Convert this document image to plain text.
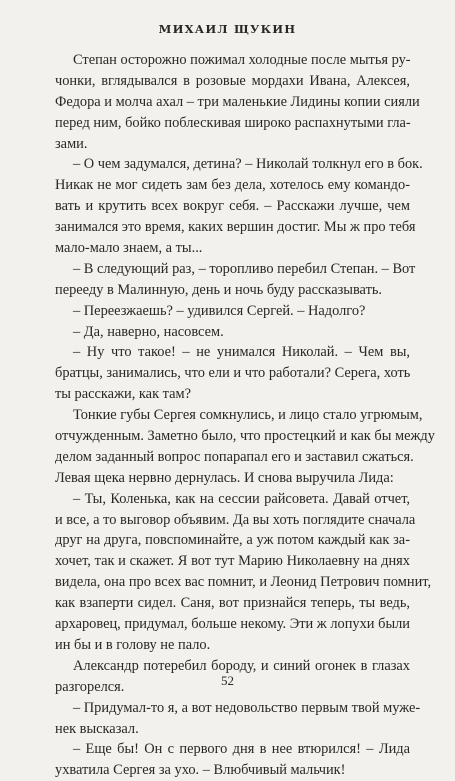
МИХАИЛ ЩУКИН
Степан осторожно пожимал холодные после мытья ру-
чонки, вглядывался в розовые мордахи Ивана, Алексея,
Федора и молча ахал – три маленькие Лидины копии сияли
перед ним, бойко поблескивая широко распахнутыми гла-
зами.
– О чем задумался, детина? – Николай толкнул его в бок.
Никак не мог сидеть зам без дела, хотелось ему командо-
вать и крутить всех вокруг себя. – Расскажи лучше, чем
занимался это время, каких вершин достиг. Мы ж про тебя
мало-мало знаем, а ты...
– В следующий раз, – торопливо перебил Степан. – Вот
перееду в Малинную, день и ночь буду рассказывать.
– Переезжаешь? – удивился Сергей. – Надолго?
– Да, наверно, насовсем.
– Ну что такое! – не унимался Николай. – Чем вы,
братцы, занимались, что ели и что работали? Серега, хоть
ты расскажи, как там?
Тонкие губы Сергея сомкнулись, и лицо стало угрюмым,
отчужденным. Заметно было, что простецкий и как бы между
делом заданный вопрос попарапал его и заставил сжаться.
Левая щека нервно дернулась. И снова выручила Лида:
– Ты, Коленька, как на сессии райсовета. Давай отчет,
и все, а то выговор объявим. Да вы хоть поглядите сначала
друг на друга, повспоминайте, а уж потом каждый как за-
хочет, так и скажет. Я вот тут Марию Николаевну на днях
видела, она про всех вас помнит, и Леонид Петрович помнит,
как взаперти сидел. Саня, вот признайся теперь, ты ведь,
архаровец, придумал, больше некому. Эти ж лопухи были
ин бы и в голову не пало.
Александр потеребил бороду, и синий огонек в глазах
разгорелся.
– Придумал-то я, а вот недовольство первым твой муже-
нек высказал.
– Еще бы! Он с первого дня в нее втюрился! – Лида
ухватила Сергея за ухо. – Влюбчивый мальчик!
52
